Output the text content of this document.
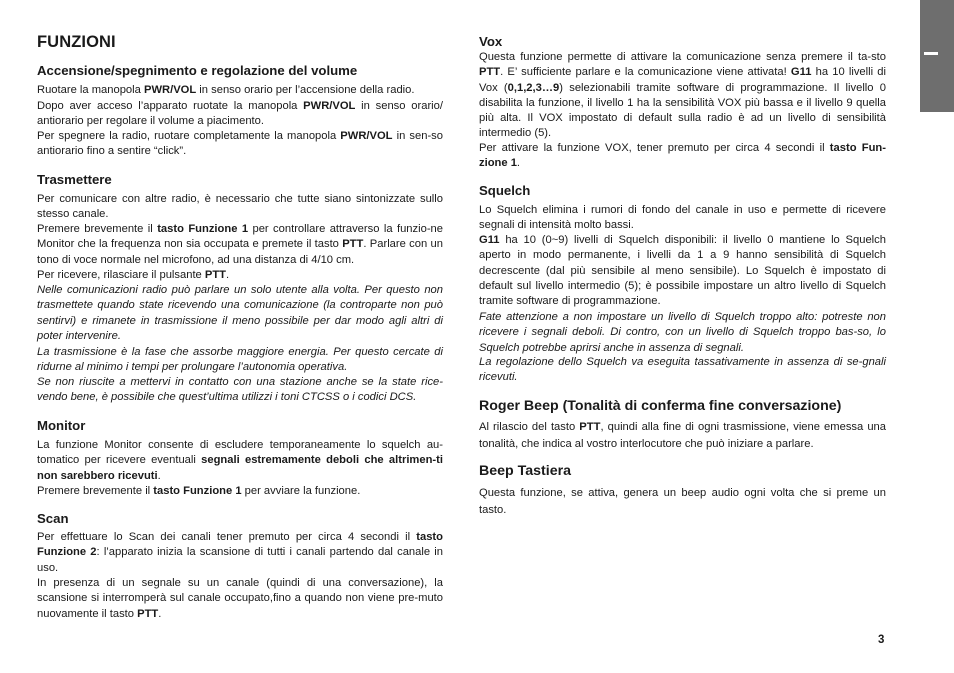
FUNZIONI
Accensione/spegnimento e regolazione del volume

Ruotare la manopola PWR/VOL in senso orario per l’accensione della radio.

Dopo aver acceso l’apparato ruotate la manopola PWR/VOL in senso orario/ antiorario per regolare il volume a piacimento.

Per spegnere la radio, ruotare completamente la manopola PWR/VOL in sen-so antiorario fino a sentire “click”.

Trasmettere

Per comunicare con altre radio, è necessario che tutte siano sintonizzate sullo stesso canale.

Premere brevemente il tasto Funzione 1 per controllare attraverso la funzio-ne Monitor che la frequenza non sia occupata e premete il tasto PTT. Parlare con un tono di voce normale nel microfono, ad una distanza di 4/10 cm.

Per ricevere, rilasciare il pulsante PTT.

Nelle comunicazioni radio può parlare un solo utente alla volta. Per questo non trasmettete quando state ricevendo una comunicazione (la controparte non può sentirvi) e rimanete in trasmissione il meno possibile per dar modo agli altri di poter intervenire.

La trasmissione è la fase che assorbe maggiore energia. Per questo cercate di ridurne al minimo i tempi per prolungare l’autonomia operativa.

Se non riuscite a mettervi in contatto con una stazione anche se la state rice-vendo bene, è possibile che quest’ultima utilizzi i toni CTCSS o i codici DCS.

Monitor

La funzione Monitor consente di escludere temporaneamente lo squelch au-tomatico per ricevere eventuali segnali estremamente deboli che altrimen-ti non sarebbero ricevuti.

Premere brevemente il tasto Funzione 1 per avviare la funzione.

Scan

Per effettuare lo Scan dei canali tener premuto per circa 4 secondi il tasto Funzione 2: l’apparato inizia la scansione di tutti i canali partendo dal canale in uso.

In presenza di un segnale su un canale (quindi di una conversazione), la scansione si interromperà sul canale occupato,fino a quando non viene pre-muto nuovamente il tasto PTT.

Vox

Questa funzione permette di attivare la comunicazione senza premere il ta-sto PTT. E’ sufficiente parlare e la comunicazione viene attivata! G11 ha 10 livelli di Vox (0,1,2,3…9) selezionabili tramite software di programmazione. Il livello 0 disabilita la funzione, il livello 1 ha la sensibilità VOX più bassa e il livello 9 quella più alta. Il VOX impostato di default sulla radio è ad un livello di sensibilità intermedio (5).

Per attivare la funzione VOX, tener premuto per circa 4 secondi il tasto Fun-zione 1.

Squelch

Lo Squelch elimina i rumori di fondo del canale in uso e permette di ricevere segnali di intensità molto bassi.

G11 ha 10 (0~9) livelli di Squelch disponibili: il livello 0 mantiene lo Squelch aperto in modo permanente, i livelli da 1 a 9 hanno sensibilità di Squelch decrescente (dal più sensibile al meno sensibile). Lo Squelch è impostato di default sul livello intermedio (5); è possibile impostare un altro livello di Squelch tramite software di programmazione.

Fate attenzione a non impostare un livello di Squelch troppo alto: potreste non ricevere i segnali deboli. Di contro, con un livello di Squelch troppo bas-so, lo Squelch potrebbe aprirsi anche in assenza di segnali.

La regolazione dello Squelch va eseguita tassativamente in assenza di se-gnali ricevuti.

Roger Beep (Tonalità di conferma fine conversazione)

Al rilascio del tasto PTT, quindi alla fine di ogni trasmissione, viene emessa una tonalità, che indica al vostro interlocutore che può iniziare a parlare.

Beep Tastiera

Questa funzione, se attiva, genera un beep audio ogni volta che si preme un tasto.

3
